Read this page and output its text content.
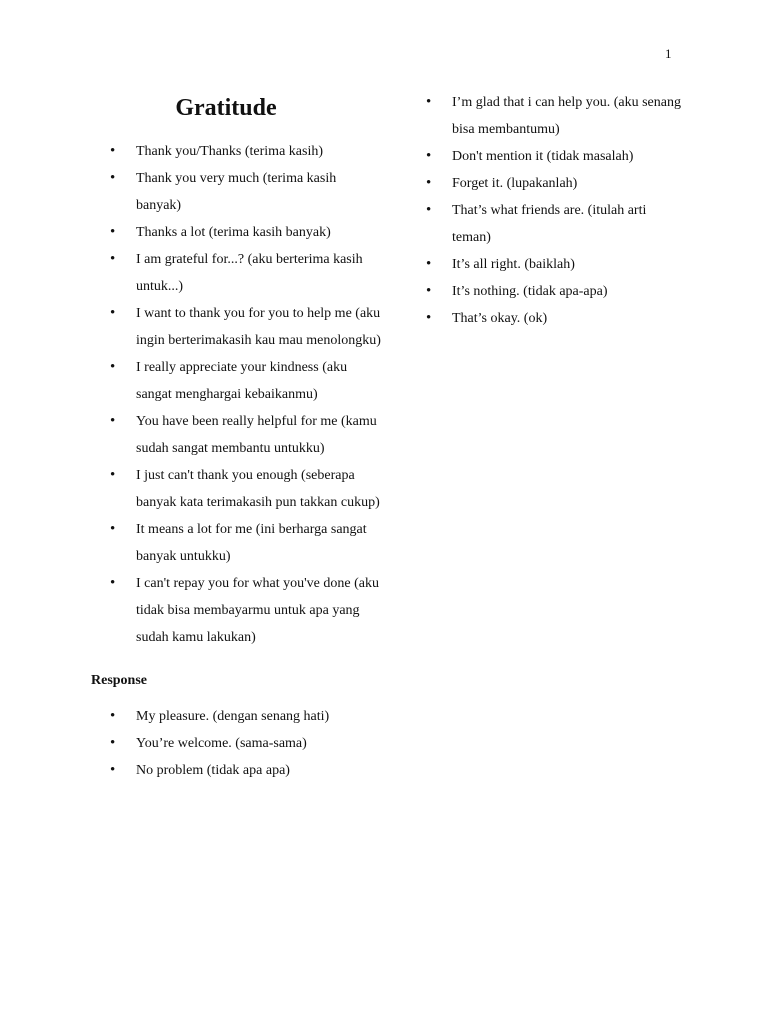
1
Gratitude
• Thank you/Thanks (terima kasih)
• Thank you very much (terima kasih banyak)
• Thanks a lot (terima kasih banyak)
• I am grateful for...? (aku berterima kasih untuk...)
• I want to thank you for you to help me (aku ingin berterimakasih kau mau menolongku)
• I really appreciate your kindness (aku sangat menghargai kebaikanmu)
• You have been really helpful for me (kamu sudah sangat membantu untukku)
• I just can't thank you enough (seberapa banyak kata terimakasih pun takkan cukup)
• It means a lot for me (ini berharga sangat banyak untukku)
• I can't repay you for what you've done (aku tidak bisa membayarmu untuk apa yang sudah kamu lakukan)
Response
• My pleasure. (dengan senang hati)
• You’re welcome. (sama-sama)
• No problem (tidak apa apa)
• I’m glad that i can help you. (aku senang bisa membantumu)
• Don't mention it (tidak masalah)
• Forget it. (lupakanlah)
• That’s what friends are. (itulah arti teman)
• It’s all right. (baiklah)
• It’s nothing. (tidak apa-apa)
• That’s okay. (ok)
